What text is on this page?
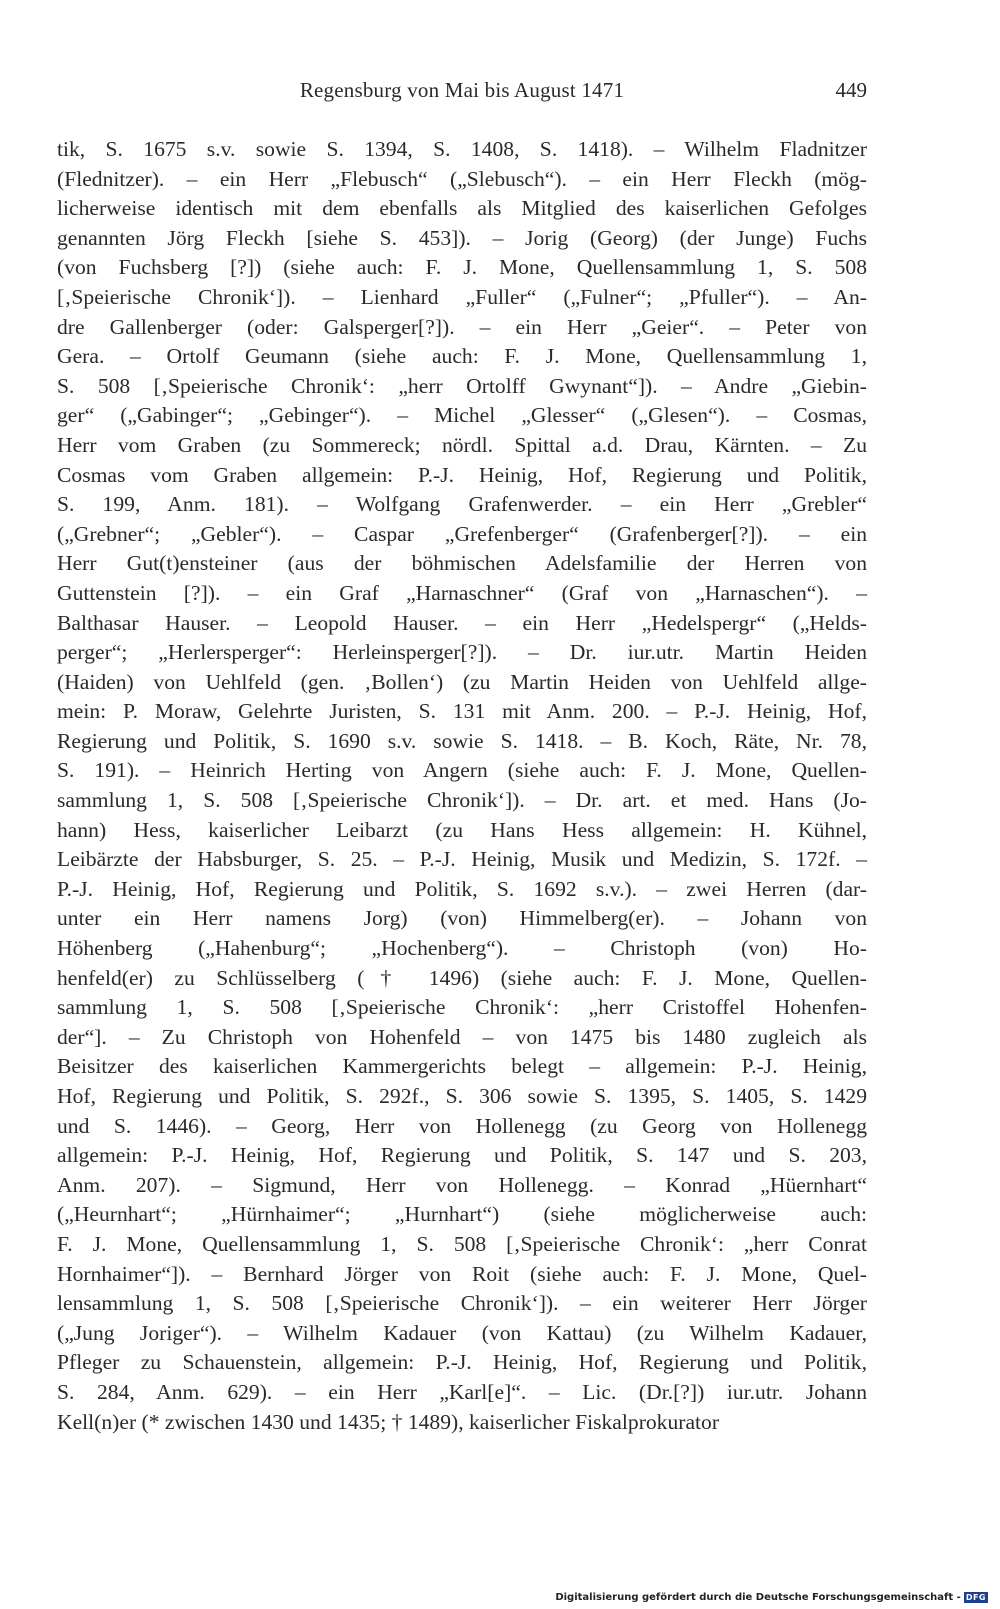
Regensburg von Mai bis August 1471	449
tik, S. 1675 s.v. sowie S. 1394, S. 1408, S. 1418). – Wilhelm Fladnitzer
(Flednitzer). – ein Herr „Flebusch“ („Slebusch“). – ein Herr Fleckh (mög-
licherweise identisch mit dem ebenfalls als Mitglied des kaiserlichen Gefolges
genannten Jörg Fleckh [siehe S. 453]). – Jorig (Georg) (der Junge) Fuchs
(von Fuchsberg [?]) (siehe auch: F. J. Mone, Quellensammlung 1, S. 508
[‚Speierische Chronik‘]). – Lienhard „Fuller“ („Fulner“; „Pfuller“). – An-
dre Gallenberger (oder: Galsperger[?]). – ein Herr „Geier“. – Peter von
Gera. – Ortolf Geumann (siehe auch: F. J. Mone, Quellensammlung 1,
S. 508 [‚Speierische Chronik‘: „herr Ortolff Gwynant“]). – Andre „Giebin-
ger“ („Gabinger“; „Gebinger“). – Michel „Glesser“ („Glesen“). – Cosmas,
Herr vom Graben (zu Sommereck; nördl. Spittal a.d. Drau, Kärnten. – Zu
Cosmas vom Graben allgemein: P.-J. Heinig, Hof, Regierung und Politik,
S. 199, Anm. 181). – Wolfgang Grafenwerder. – ein Herr „Grebler“
(„Grebner“; „Gebler“). – Caspar „Grefenberger“ (Grafenberger[?]). – ein
Herr Gut(t)ensteiner (aus der böhmischen Adelsfamilie der Herren von
Guttenstein [?]). – ein Graf „Harnaschner“ (Graf von „Harnaschen“). –
Balthasar Hauser. – Leopold Hauser. – ein Herr „Hedelspergr“ („Helds-
perger“; „Herlersperger“: Herleinsperger[?]). – Dr. iur.utr. Martin Heiden
(Haiden) von Uehlfeld (gen. ‚Bollen‘) (zu Martin Heiden von Uehlfeld allge-
mein: P. Moraw, Gelehrte Juristen, S. 131 mit Anm. 200. – P.-J. Heinig, Hof,
Regierung und Politik, S. 1690 s.v. sowie S. 1418. – B. Koch, Räte, Nr. 78,
S. 191). – Heinrich Herting von Angern (siehe auch: F. J. Mone, Quellen-
sammlung 1, S. 508 [‚Speierische Chronik‘]). – Dr. art. et med. Hans (Jo-
hann) Hess, kaiserlicher Leibarzt (zu Hans Hess allgemein: H. Kühnel,
Leibärzte der Habsburger, S. 25. – P.-J. Heinig, Musik und Medizin, S. 172f. –
P.-J. Heinig, Hof, Regierung und Politik, S. 1692 s.v.). – zwei Herren (dar-
unter ein Herr namens Jorg) (von) Himmelberg(er). – Johann von
Höhenberg („Hahenburg“; „Hochenberg“). – Christoph (von) Ho-
henfeld(er) zu Schlüsselberg († 1496) (siehe auch: F. J. Mone, Quellen-
sammlung 1, S. 508 [‚Speierische Chronik‘: „herr Cristoffel Hohenfen-
der“]. – Zu Christoph von Hohenfeld – von 1475 bis 1480 zugleich als
Beisitzer des kaiserlichen Kammergerichts belegt – allgemein: P.-J. Heinig,
Hof, Regierung und Politik, S. 292f., S. 306 sowie S. 1395, S. 1405, S. 1429
und S. 1446). – Georg, Herr von Hollenegg (zu Georg von Hollenegg
allgemein: P.-J. Heinig, Hof, Regierung und Politik, S. 147 und S. 203,
Anm. 207). – Sigmund, Herr von Hollenegg. – Konrad „Hüernhart“
(„Heurnhart“; „Hürnhaimer“; „Hurnhart“) (siehe möglicherweise auch:
F. J. Mone, Quellensammlung 1, S. 508 [‚Speierische Chronik‘: „herr Conrat
Hornhaimer“]). – Bernhard Jörger von Roit (siehe auch: F. J. Mone, Quel-
lensammlung 1, S. 508 [‚Speierische Chronik‘]). – ein weiterer Herr Jörger
(„Jung Joriger“). – Wilhelm Kadauer (von Kattau) (zu Wilhelm Kadauer,
Pfleger zu Schauenstein, allgemein: P.-J. Heinig, Hof, Regierung und Politik,
S. 284, Anm. 629). – ein Herr „Karl[e]“. – Lic. (Dr.[?]) iur.utr. Johann
Kell(n)er (* zwischen 1430 und 1435; † 1489), kaiserlicher Fiskalprokurator
Digitalisierung gefördert durch die Deutsche Forschungsgemeinschaft - DFG
